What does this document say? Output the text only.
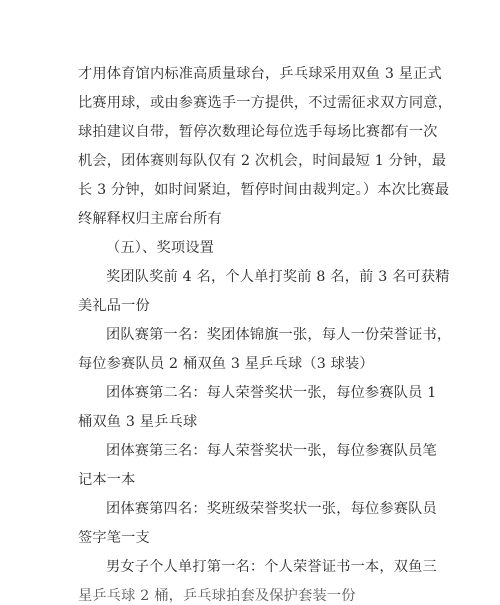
才用体育馆内标准高质量球台，乒乓球采用双鱼 3 星正式
比赛用球，或由参赛选手一方提供，不过需征求双方同意，
球拍建议自带，暂停次数理论每位选手每场比赛都有一次
机会，团体赛则每队仅有 2 次机会，时间最短 1 分钟，最
长 3 分钟，如时间紧迫，暂停时间由裁判定。）本次比赛最
终解释权归主席台所有
（五）、奖项设置
奖团队奖前 4 名，个人单打奖前 8 名，前 3 名可获精
美礼品一份
团队赛第一名：奖团体锦旗一张，每人一份荣誉证书，
每位参赛队员 2 桶双鱼 3 星乒乓球（3 球装）
团体赛第二名：每人荣誉奖状一张，每位参赛队员 1
桶双鱼 3 星乒乓球
团体赛第三名：每人荣誉奖状一张，每位参赛队员笔
记本一本
团体赛第四名：奖班级荣誉奖状一张，每位参赛队员
签字笔一支
男女子个人单打第一名：个人荣誉证书一本，双鱼三
星乒乓球 2 桶，乒乓球拍套及保护套装一份
